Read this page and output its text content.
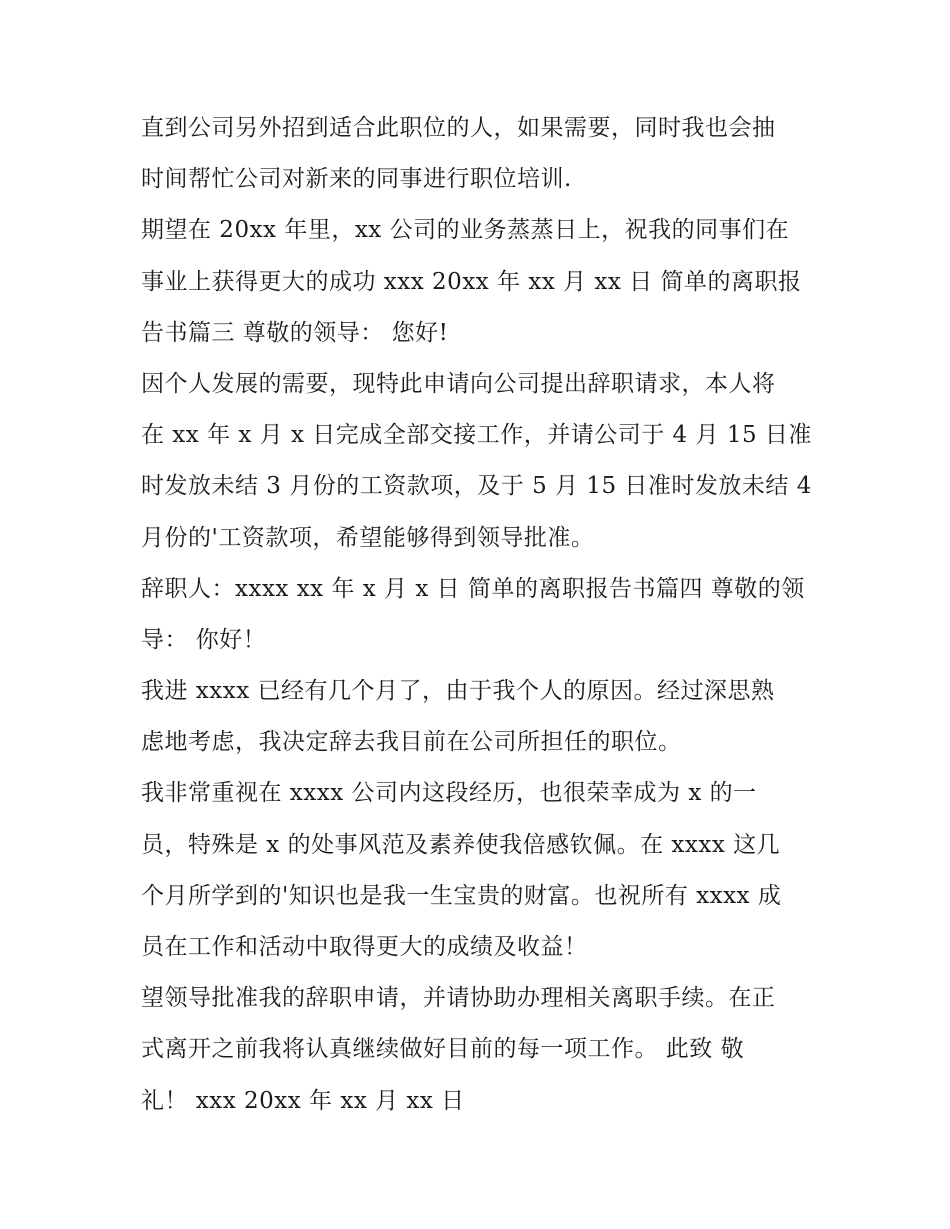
直到公司另外招到适合此职位的人，如果需要，同时我也会抽
时间帮忙公司对新来的同事进行职位培训.
期望在 20xx 年里，xx 公司的业务蒸蒸日上，祝我的同事们在
事业上获得更大的成功 xxx 20xx 年 xx 月 xx 日 简单的离职报
告书篇三 尊敬的领导： 您好!
因个人发展的需要，现特此申请向公司提出辞职请求，本人将
在 xx 年 x 月 x 日完成全部交接工作，并请公司于 4 月 15 日准
时发放未结 3 月份的工资款项，及于 5 月 15 日准时发放未结 4
月份的'工资款项，希望能够得到领导批准。
辞职人：xxxx xx 年 x 月 x 日 简单的离职报告书篇四 尊敬的领
导： 你好！
我进 xxxx 已经有几个月了，由于我个人的原因。经过深思熟
虑地考虑，我决定辞去我目前在公司所担任的职位。
我非常重视在 xxxx 公司内这段经历，也很荣幸成为 x 的一
员，特殊是 x 的处事风范及素养使我倍感钦佩。在 xxxx 这几
个月所学到的'知识也是我一生宝贵的财富。也祝所有 xxxx 成
员在工作和活动中取得更大的成绩及收益！
望领导批准我的辞职申请，并请协助办理相关离职手续。在正
式离开之前我将认真继续做好目前的每一项工作。 此致 敬
礼！ xxx 20xx 年 xx 月 xx 日
